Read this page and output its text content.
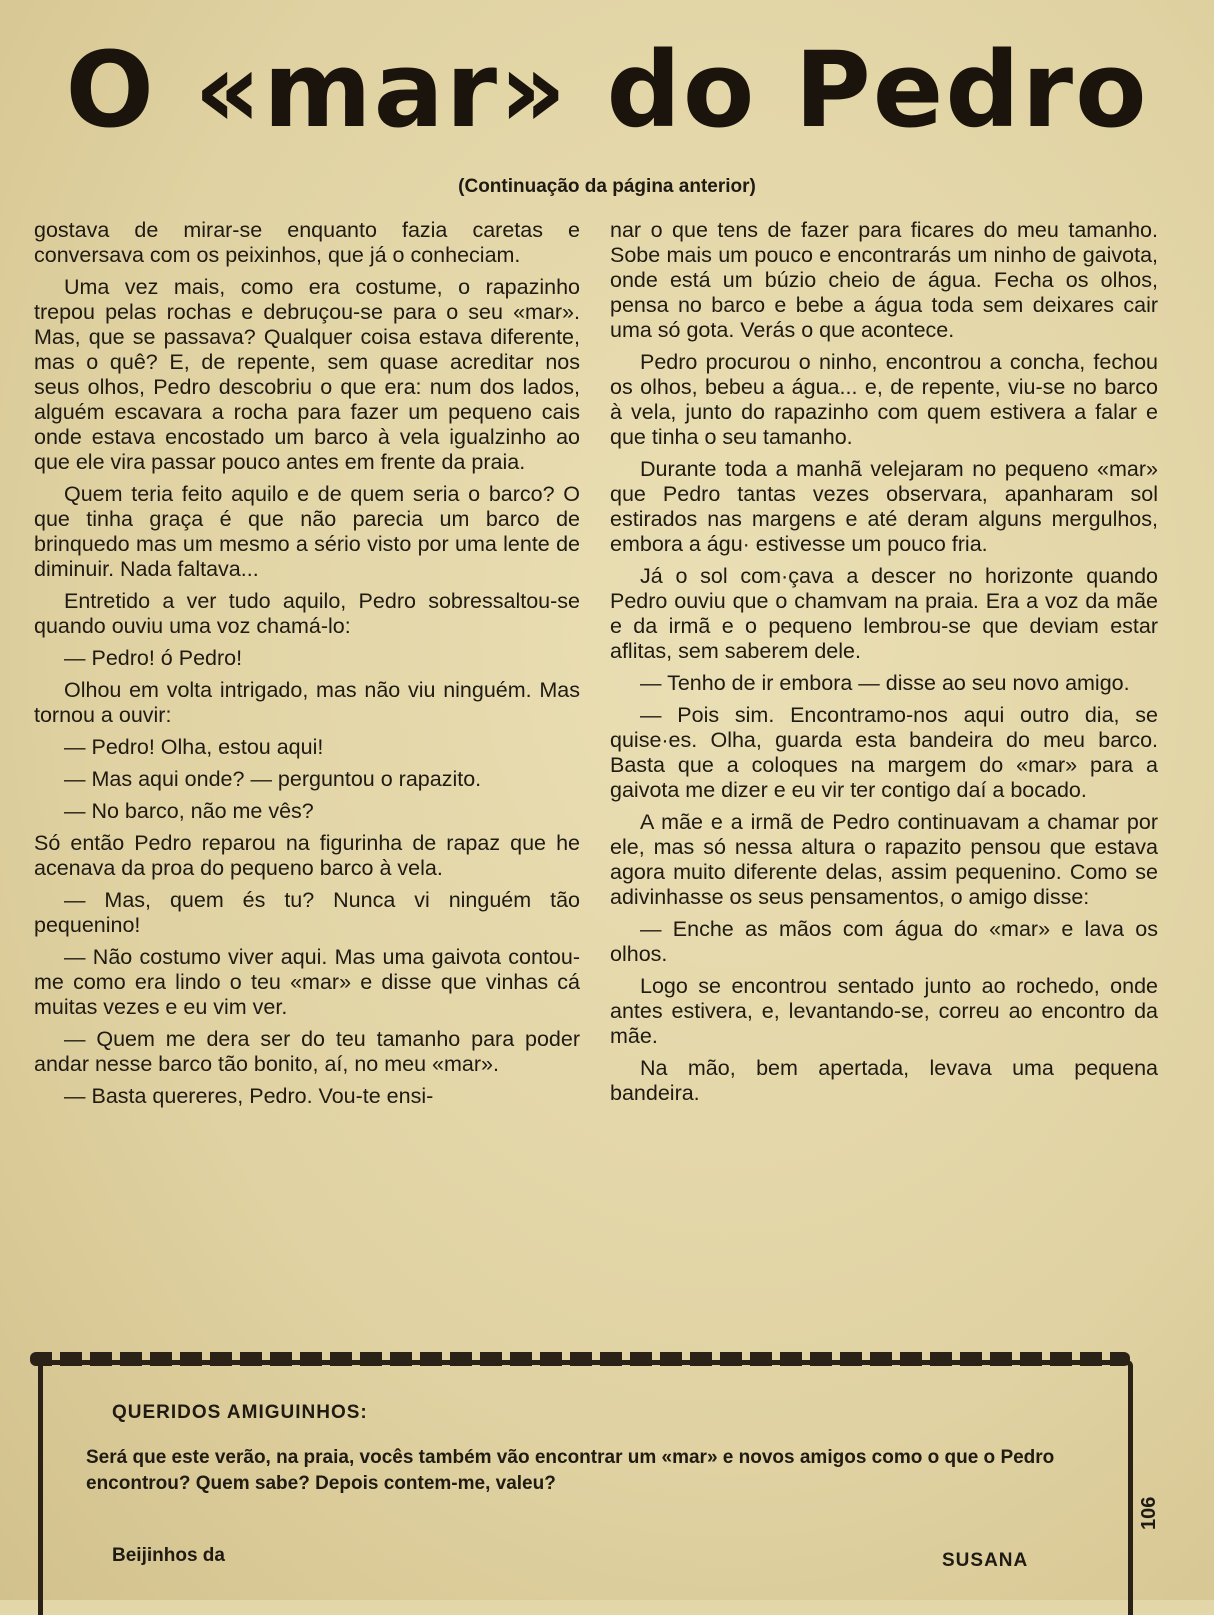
O «mar» do Pedro
(Continuação da página anterior)

gostava de mirar-se enquanto fazia caretas e conversava com os peixinhos, que já o conheciam.

Uma vez mais, como era costume, o rapazinho trepou pelas rochas e debruçou-se para o seu «mar». Mas, que se passava? Qualquer coisa estava diferente, mas o quê? E, de repente, sem quase acreditar nos seus olhos, Pedro descobriu o que era: num dos lados, alguém escavara a rocha para fazer um pequeno cais onde estava encostado um barco à vela igualzinho ao que ele vira passar pouco antes em frente da praia.

Quem teria feito aquilo e de quem seria o barco? O que tinha graça é que não parecia um barco de brinquedo mas um mesmo a sério visto por uma lente de diminuir. Nada faltava...

Entretido a ver tudo aquilo, Pedro sobressaltou-se quando ouviu uma voz chamá-lo:

— Pedro! ó Pedro!

Olhou em volta intrigado, mas não viu ninguém. Mas tornou a ouvir:

— Pedro! Olha, estou aqui!

— Mas aqui onde? — perguntou o rapazito.

— No barco, não me vês?

Só então Pedro reparou na figurinha de rapaz que he acenava da proa do pequeno barco à vela.

— Mas, quem és tu? Nunca vi ninguém tão pequenino!

— Não costumo viver aqui. Mas uma gaivota contou-me como era lindo o teu «mar» e disse que vinhas cá muitas vezes e eu vim ver.

— Quem me dera ser do teu tamanho para poder andar nesse barco tão bonito, aí, no meu «mar».

— Basta quereres, Pedro. Vou-te ensi-

nar o que tens de fazer para ficares do meu tamanho. Sobe mais um pouco e encontrarás um ninho de gaivota, onde está um búzio cheio de água. Fecha os olhos, pensa no barco e bebe a água toda sem deixares cair uma só gota. Verás o que acontece.

Pedro procurou o ninho, encontrou a concha, fechou os olhos, bebeu a água... e, de repente, viu-se no barco à vela, junto do rapazinho com quem estivera a falar e que tinha o seu tamanho.

Durante toda a manhã velejaram no pequeno «mar» que Pedro tantas vezes observara, apanharam sol estirados nas margens e até deram alguns mergulhos, embora a águ· estivesse um pouco fria.

Já o sol com·çava a descer no horizonte quando Pedro ouviu que o chamvam na praia. Era a voz da mãe e da irmã e o pequeno lembrou-se que deviam estar aflitas, sem saberem dele.

— Tenho de ir embora — disse ao seu novo amigo.

— Pois sim. Encontramo-nos aqui outro dia, se quise·es. Olha, guarda esta bandeira do meu barco. Basta que a coloques na margem do «mar» para a gaivota me dizer e eu vir ter contigo daí a bocado.

A mãe e a irmã de Pedro continuavam a chamar por ele, mas só nessa altura o rapazito pensou que estava agora muito diferente delas, assim pequenino. Como se adivinhasse os seus pensamentos, o amigo disse:

— Enche as mãos com água do «mar» e lava os olhos.

Logo se encontrou sentado junto ao rochedo, onde antes estivera, e, levantando-se, correu ao encontro da mãe.

Na mão, bem apertada, levava uma pequena bandeira.

QUERIDOS AMIGUINHOS:
Será que este verão, na praia, vocês também vão encontrar um «mar» e novos amigos como o que o Pedro encontrou? Quem sabe? Depois contem-me, valeu?
Beijinhos da	SUSANA
106
